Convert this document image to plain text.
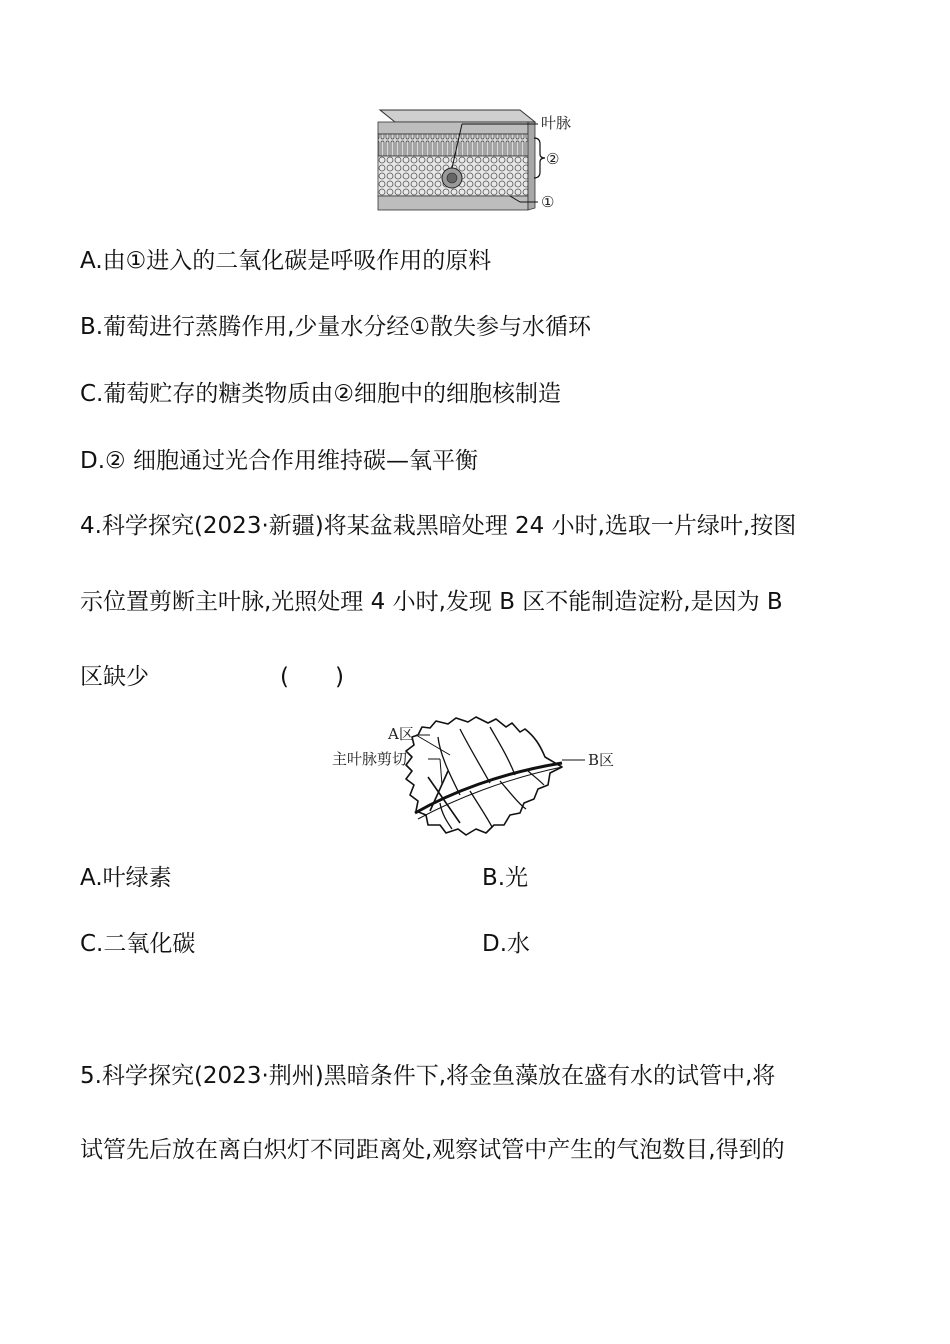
叶脉
②
①

A.由①进入的二氧化碳是呼吸作用的原料

B.葡萄进行蒸腾作用,少量水分经①散失参与水循环

C.葡萄贮存的糖类物质由②细胞中的细胞核制造

D.② 细胞通过光合作用维持碳—氧平衡

4.科学探究(2023·新疆)将某盆栽黑暗处理 24 小时,选取一片绿叶,按图

示位置剪断主叶脉,光照处理 4 小时,发现 B 区不能制造淀粉,是因为 B

区缺少	(　　)
A区
主叶脉剪切	B区

A.叶绿素	B.光

C.二氧化碳	D.水

5.科学探究(2023·荆州)黑暗条件下,将金鱼藻放在盛有水的试管中,将

试管先后放在离白炽灯不同距离处,观察试管中产生的气泡数目,得到的
